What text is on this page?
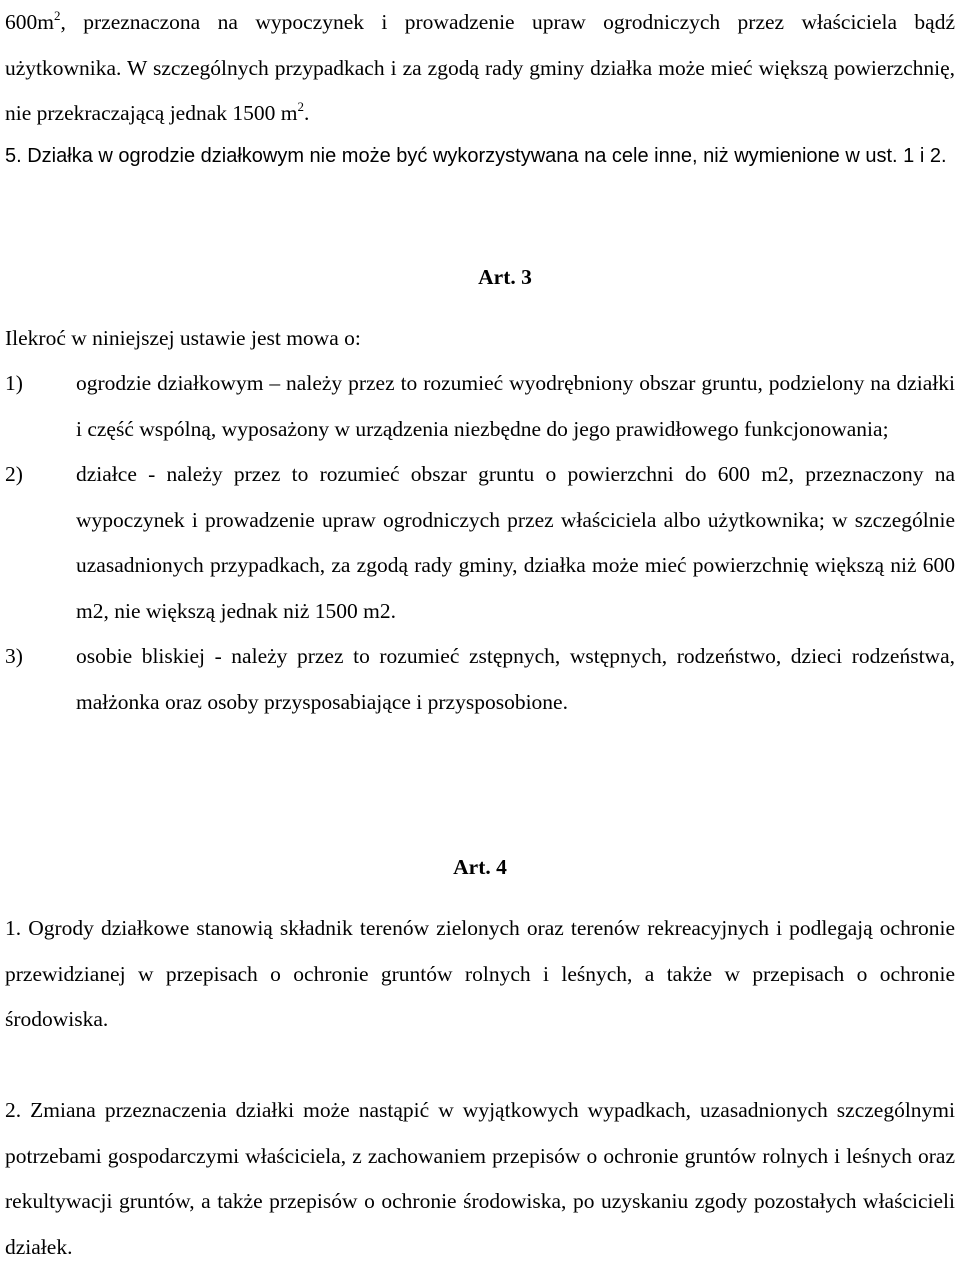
$600m^2$, przeznaczona na wypoczynek i prowadzenie upraw ogrodniczych przez właściciela bądź użytkownika. W szczególnych przypadkach i za zgodą rady gminy działka może mieć większą powierzchnię, nie przekraczającą jednak 1500 $m^2$.

5. Działka w ogrodzie działkowym nie może być wykorzystywana na cele inne, niż wymienione w ust. 1 i 2.

Art. 3

Ilekroć w niniejszej ustawie jest mowa o:

1) ogrodzie działkowym – należy przez to rozumieć wyodrębniony obszar gruntu, podzielony na działki i część wspólną, wyposażony w urządzenia niezbędne do jego prawidłowego funkcjonowania;

2) działce - należy przez to rozumieć obszar gruntu o powierzchni do 600 m2, przeznaczony na wypoczynek i prowadzenie upraw ogrodniczych przez właściciela albo użytkownika; w szczególnie uzasadnionych przypadkach, za zgodą rady gminy, działka może mieć powierzchnię większą niż 600 m2, nie większą jednak niż 1500 m2.

3) osobie bliskiej - należy przez to rozumieć zstępnych, wstępnych, rodzeństwo, dzieci rodzeństwa, małżonka oraz osoby przysposabiające i przysposobione.

Art. 4

1. Ogrody działkowe stanowią składnik terenów zielonych oraz terenów rekreacyjnych i podlegają ochronie przewidzianej w przepisach o ochronie gruntów rolnych i leśnych, a także w przepisach o ochronie środowiska.

2. Zmiana przeznaczenia działki może nastąpić w wyjątkowych wypadkach, uzasadnionych szczególnymi potrzebami gospodarczymi właściciela, z zachowaniem przepisów o ochronie gruntów rolnych i leśnych oraz rekultywacji gruntów, a także przepisów o ochronie środowiska, po uzyskaniu zgody pozostałych właścicieli działek.
